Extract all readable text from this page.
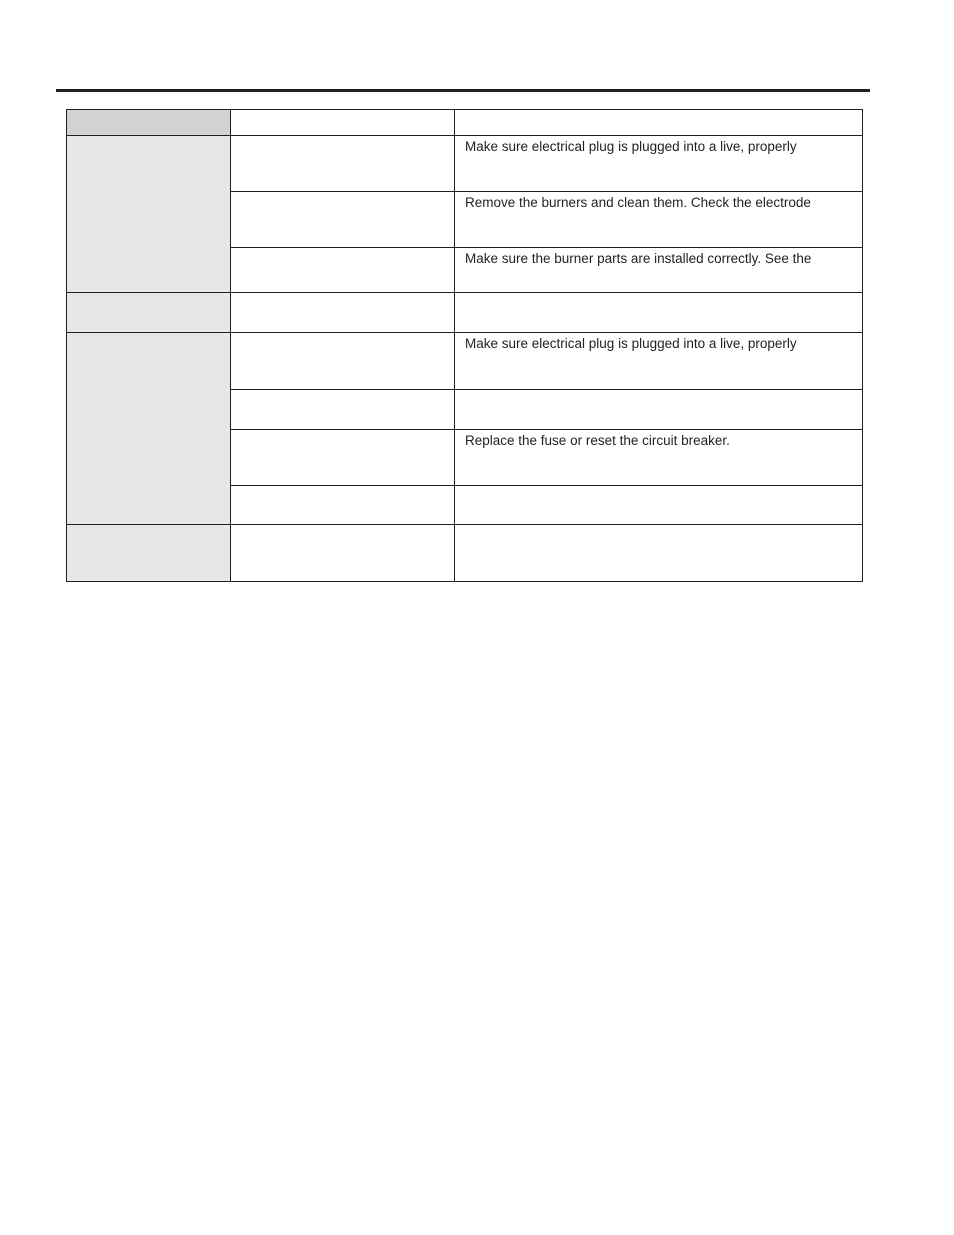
		Make sure electrical plug is plugged into a live, properly

		Remove the burners and clean them. Check the electrode

		Make sure the burner parts are installed correctly. See the

		Make sure electrical plug is plugged into a live, properly

		Replace the fuse or reset the circuit breaker.
